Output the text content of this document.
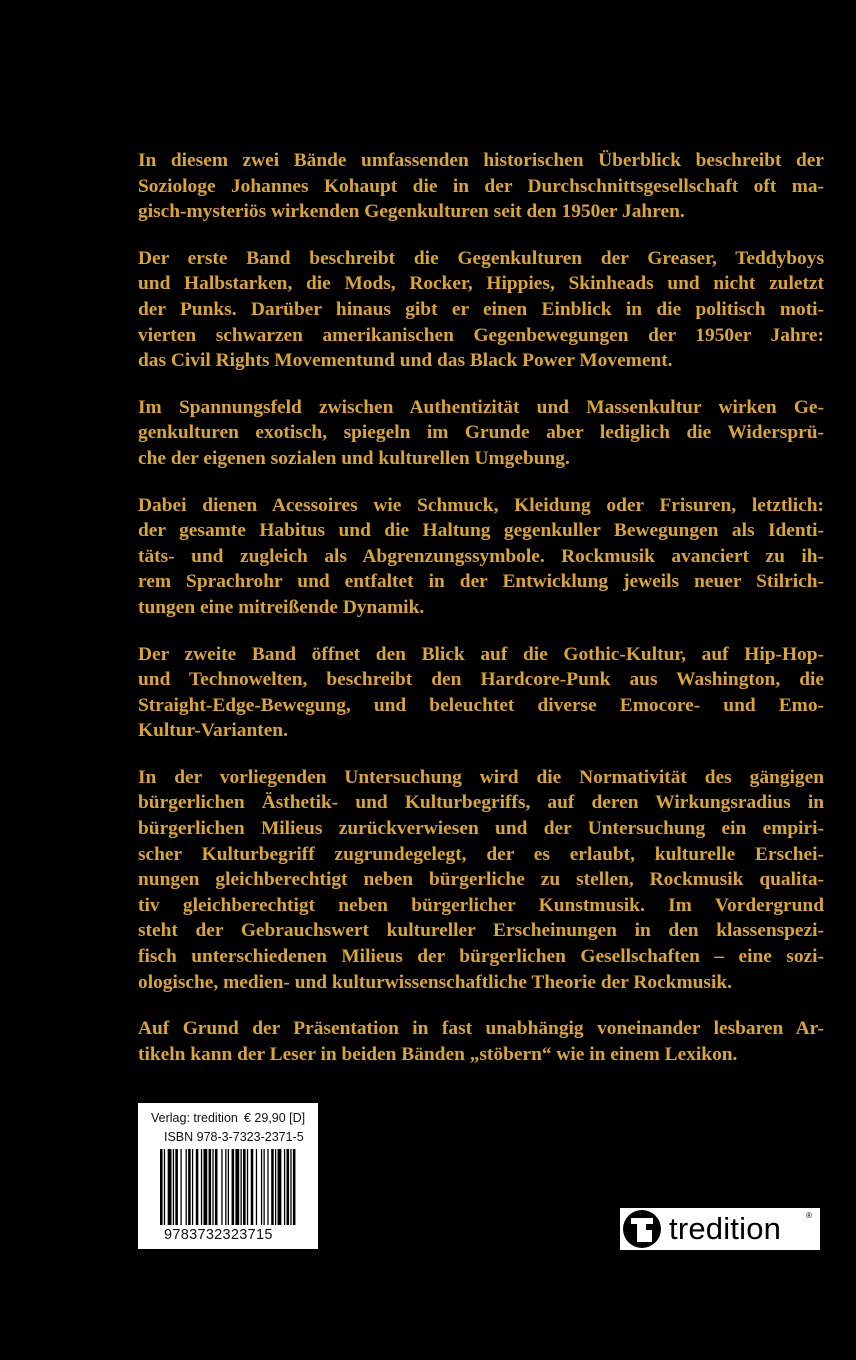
In diesem zwei Bände umfassenden historischen Überblick beschreibt der
Soziologe Johannes Kohaupt die in der Durchschnittsgesellschaft oft ma-
gisch-mysteriös wirkenden Gegenkulturen seit den 1950er Jahren.

Der erste Band beschreibt die Gegenkulturen der Greaser, Teddyboys
und Halbstarken, die Mods, Rocker, Hippies, Skinheads und nicht zuletzt
der Punks. Darüber hinaus gibt er einen Einblick in die politisch moti-
vierten schwarzen amerikanischen Gegenbewegungen der 1950er Jahre:
das Civil Rights Movementund und das Black Power Movement.

Im Spannungsfeld zwischen Authentizität und Massenkultur wirken Ge-
genkulturen exotisch, spiegeln im Grunde aber lediglich die Widersprü-
che der eigenen sozialen und kulturellen Umgebung.

Dabei dienen Acessoires wie Schmuck, Kleidung oder Frisuren, letztlich:
der gesamte Habitus und die Haltung gegenkuller Bewegungen als Identi-
täts- und zugleich als Abgrenzungssymbole. Rockmusik avanciert zu ih-
rem Sprachrohr und entfaltet in der Entwicklung jeweils neuer Stilrich-
tungen eine mitreißende Dynamik.

Der zweite Band öffnet den Blick auf die Gothic-Kultur, auf Hip-Hop-
und Technowelten, beschreibt den Hardcore-Punk aus Washington, die
Straight-Edge-Bewegung, und beleuchtet diverse Emocore- und Emo-
Kultur-Varianten.

In der vorliegenden Untersuchung wird die Normativität des gängigen
bürgerlichen Ästhetik- und Kulturbegriffs, auf deren Wirkungsradius in
bürgerlichen Milieus zurückverwiesen und der Untersuchung ein empiri-
scher Kulturbegriff zugrundegelegt, der es erlaubt, kulturelle Erschei-
nungen gleichberechtigt neben bürgerliche zu stellen, Rockmusik qualita-
tiv gleichberechtigt neben bürgerlicher Kunstmusik. Im Vordergrund
steht der Gebrauchswert kultureller Erscheinungen in den klassenspezi-
fisch unterschiedenen Milieus der bürgerlichen Gesellschaften – eine sozi-
ologische, medien- und kulturwissenschaftliche Theorie der Rockmusik.

Auf Grund der Präsentation in fast unabhängig voneinander lesbaren Ar-
tikeln kann der Leser in beiden Bänden „stöbern“ wie in einem Lexikon.

Verlag: tredition € 29,90 [D]
ISBN 978-3-7323-2371-5
9783732323715	tredition	®
